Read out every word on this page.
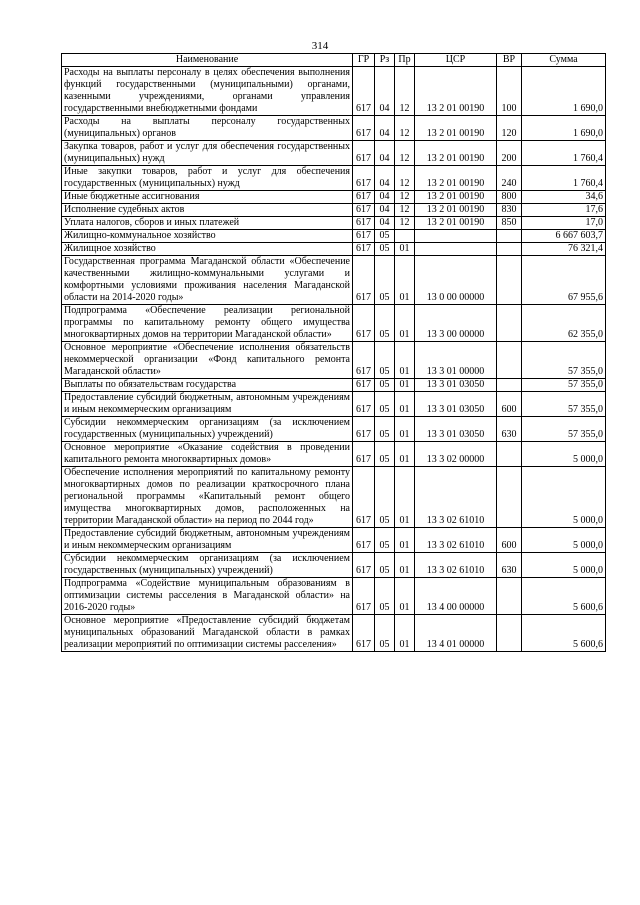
314
Наименование	ГР	Рз	Пр	ЦСР	ВР	Сумма
Расходы на выплаты персоналу в целях обеспечения выполнения функций государственными (муниципальными) органами, казенными учреждениями, органами управления государственными внебюджетными фондами	617	04	12	13 2 01 00190	100	1 690,0
Расходы на выплаты персоналу государственных (муниципальных) органов	617	04	12	13 2 01 00190	120	1 690,0
Закупка товаров, работ и услуг для обеспечения государственных (муниципальных) нужд	617	04	12	13 2 01 00190	200	1 760,4
Иные закупки товаров, работ и услуг для обеспечения государственных (муниципальных) нужд	617	04	12	13 2 01 00190	240	1 760,4
Иные бюджетные ассигнования	617	04	12	13 2 01 00190	800	34,6
Исполнение судебных актов	617	04	12	13 2 01 00190	830	17,6
Уплата налогов, сборов и иных платежей	617	04	12	13 2 01 00190	850	17,0
Жилищно-коммунальное хозяйство	617	05				6 667 603,7
Жилищное хозяйство	617	05	01			76 321,4
Государственная программа Магаданской области «Обеспечение качественными жилищно-коммунальными услугами и комфортными условиями проживания населения Магаданской области на 2014-2020 годы»	617	05	01	13 0 00 00000		67 955,6
Подпрограмма «Обеспечение реализации региональной программы по капитальному ремонту общего имущества многоквартирных домов на территории Магаданской области»	617	05	01	13 3 00 00000		62 355,0
Основное мероприятие «Обеспечение исполнения обязательств некоммерческой организации «Фонд капитального ремонта Магаданской области»	617	05	01	13 3 01 00000		57 355,0
Выплаты по обязательствам государства	617	05	01	13 3 01 03050		57 355,0
Предоставление субсидий бюджетным, автономным учреждениям и иным некоммерческим организациям	617	05	01	13 3 01 03050	600	57 355,0
Субсидии некоммерческим организациям (за исключением государственных (муниципальных) учреждений)	617	05	01	13 3 01 03050	630	57 355,0
Основное мероприятие «Оказание содействия в проведении капитального ремонта многоквартирных домов»	617	05	01	13 3 02 00000		5 000,0
Обеспечение исполнения мероприятий по капитальному ремонту многоквартирных домов по реализации краткосрочного плана региональной программы «Капитальный ремонт общего имущества многоквартирных домов, расположенных на территории Магаданской области» на период по 2044 год»	617	05	01	13 3 02 61010		5 000,0
Предоставление субсидий бюджетным, автономным учреждениям и иным некоммерческим организациям	617	05	01	13 3 02 61010	600	5 000,0
Субсидии некоммерческим организациям (за исключением государственных (муниципальных) учреждений)	617	05	01	13 3 02 61010	630	5 000,0
Подпрограмма «Содействие муниципальным образованиям в оптимизации системы расселения в Магаданской области» на 2016-2020 годы»	617	05	01	13 4 00 00000		5 600,6
Основное мероприятие «Предоставление субсидий бюджетам муниципальных образований Магаданской области в рамках реализации мероприятий по оптимизации системы расселения»	617	05	01	13 4 01 00000		5 600,6
